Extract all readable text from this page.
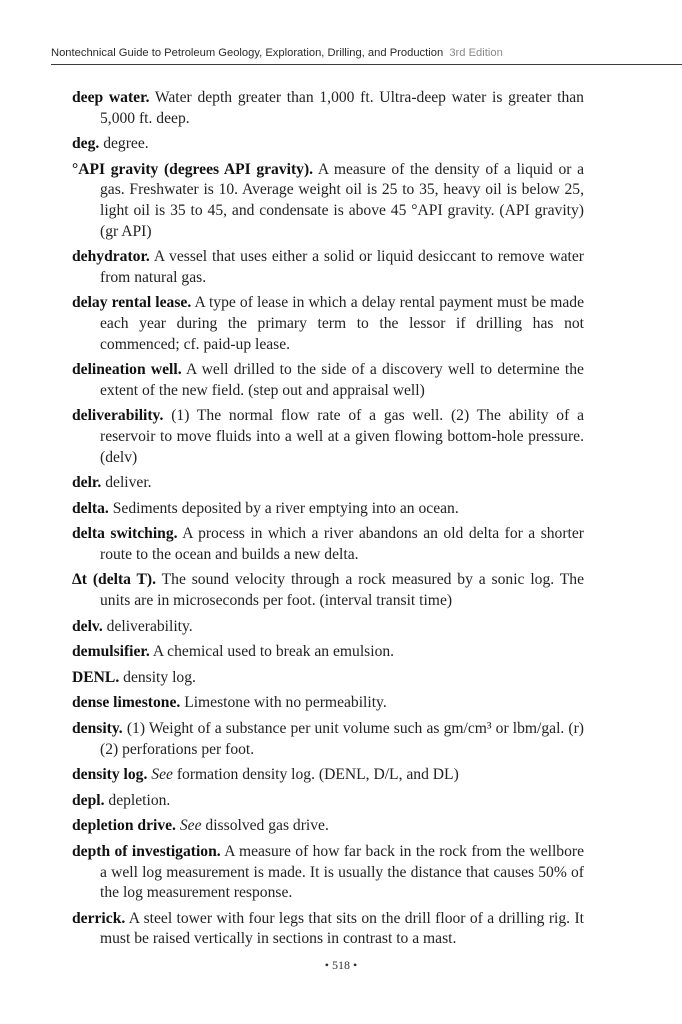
Nontechnical Guide to Petroleum Geology, Exploration, Drilling, and Production 3rd Edition

deep water. Water depth greater than 1,000 ft. Ultra-deep water is greater than 5,000 ft. deep.

deg. degree.

°API gravity (degrees API gravity). A measure of the density of a liquid or a gas. Freshwater is 10. Average weight oil is 25 to 35, heavy oil is below 25, light oil is 35 to 45, and condensate is above 45 °API gravity. (API gravity) (gr API)

dehydrator. A vessel that uses either a solid or liquid desiccant to remove water from natural gas.

delay rental lease. A type of lease in which a delay rental payment must be made each year during the primary term to the lessor if drilling has not commenced; cf. paid-up lease.

delineation well. A well drilled to the side of a discovery well to determine the extent of the new field. (step out and appraisal well)

deliverability. (1) The normal flow rate of a gas well. (2) The ability of a reservoir to move fluids into a well at a given flowing bottom-hole pressure. (delv)

delr. deliver.

delta. Sediments deposited by a river emptying into an ocean.

delta switching. A process in which a river abandons an old delta for a shorter route to the ocean and builds a new delta.

Δt (delta T). The sound velocity through a rock measured by a sonic log. The units are in microseconds per foot. (interval transit time)

delv. deliverability.

demulsifier. A chemical used to break an emulsion.

DENL. density log.

dense limestone. Limestone with no permeability.

density. (1) Weight of a substance per unit volume such as gm/cm³ or lbm/gal. (r) (2) perforations per foot.

density log. See formation density log. (DENL, D/L, and DL)

depl. depletion.

depletion drive. See dissolved gas drive.

depth of investigation. A measure of how far back in the rock from the wellbore a well log measurement is made. It is usually the distance that causes 50% of the log measurement response.

derrick. A steel tower with four legs that sits on the drill floor of a drilling rig. It must be raised vertically in sections in contrast to a mast.

• 518 •
